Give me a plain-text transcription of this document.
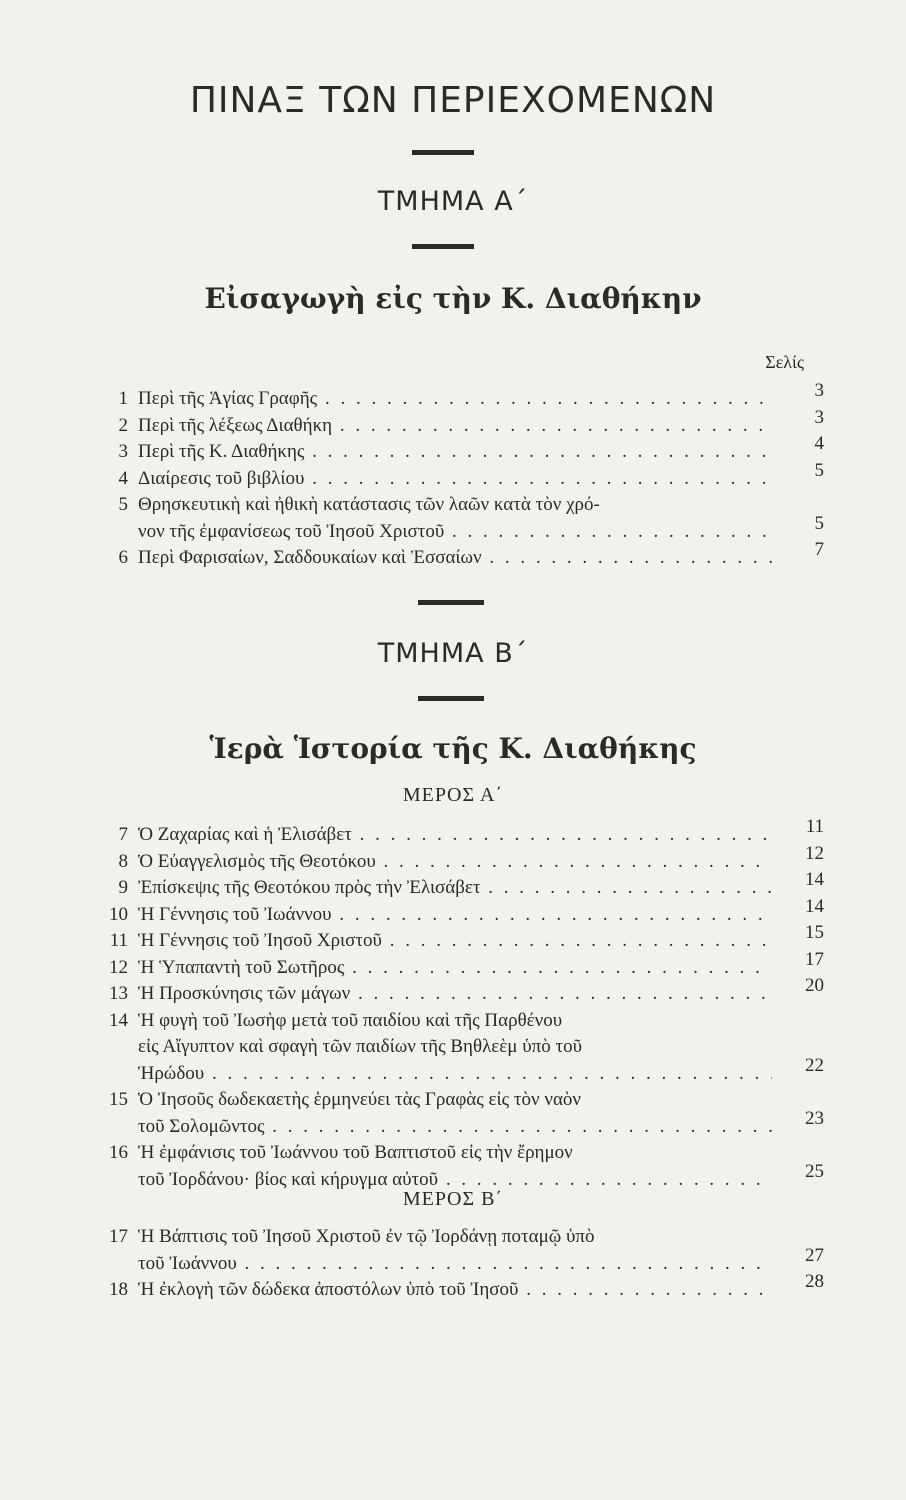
ΠΙΝΑΞ ΤΩΝ ΠΕΡΙΕΧΟΜΕΝΩΝ
ΤΜΗΜΑ Α΄
Εἰσαγωγὴ εἰς τὴν Κ. Διαθήκην
Σελίς
1 Περὶ τῆς Ἁγίας Γραφῆς . . .	3
2 Περὶ τῆς λέξεως Διαθήκη . . .	3
3 Περὶ τῆς Κ. Διαθήκης . . .	4
4 Διαίρεσις τοῦ βιβλίου . . .	5
5 Θρησκευτικὴ καὶ ἠθικὴ κατάστασις τῶν λαῶν κατὰ τὸν χρό-
νον τῆς ἐμφανίσεως τοῦ Ἰησοῦ Χριστοῦ . . .	5
6 Περὶ Φαρισαίων, Σαδδουκαίων καὶ Ἐσσαίων . . .	7
ΤΜΗΜΑ Β΄
Ἱερὰ Ἱστορία τῆς Κ. Διαθήκης
ΜΕΡΟΣ Α΄
7 Ὁ Ζαχαρίας καὶ ἡ Ἐλισάβετ . . .	11
8 Ὁ Εὐαγγελισμὸς τῆς Θεοτόκου . . .	12
9 Ἐπίσκεψις τῆς Θεοτόκου πρὸς τὴν Ἐλισάβετ . . .	14
10 Ἡ Γέννησις τοῦ Ἰωάννου . . .	14
11 Ἡ Γέννησις τοῦ Ἰησοῦ Χριστοῦ . . .	15
12 Ἡ Ὑπαπαντὴ τοῦ Σωτῆρος . . .	17
13 Ἡ Προσκύνησις τῶν μάγων . . .	20
14 Ἡ φυγὴ τοῦ Ἰωσὴφ μετὰ τοῦ παιδίου καὶ τῆς Παρθένου
εἰς Αἴγυπτον καὶ σφαγὴ τῶν παιδίων τῆς Βηθλεὲμ ὑπὸ τοῦ
Ἡρώδου . . .	22
15 Ὁ Ἰησοῦς δωδεκαετὴς ἑρμηνεύει τὰς Γραφὰς εἰς τὸν ναὸν
τοῦ Σολομῶντος . . .	23
16 Ἡ ἐμφάνισις τοῦ Ἰωάννου τοῦ Βαπτιστοῦ εἰς τὴν ἔρημον
τοῦ Ἰορδάνου· βίος καὶ κήρυγμα αὐτοῦ . . .	25
ΜΕΡΟΣ Β΄
17 Ἡ Βάπτισις τοῦ Ἰησοῦ Χριστοῦ ἐν τῷ Ἰορδάνῃ ποταμῷ ὑπὸ
τοῦ Ἰωάννου . . .	27
18 Ἡ ἐκλογὴ τῶν δώδεκα ἀποστόλων ὑπὸ τοῦ Ἰησοῦ . . .	28
